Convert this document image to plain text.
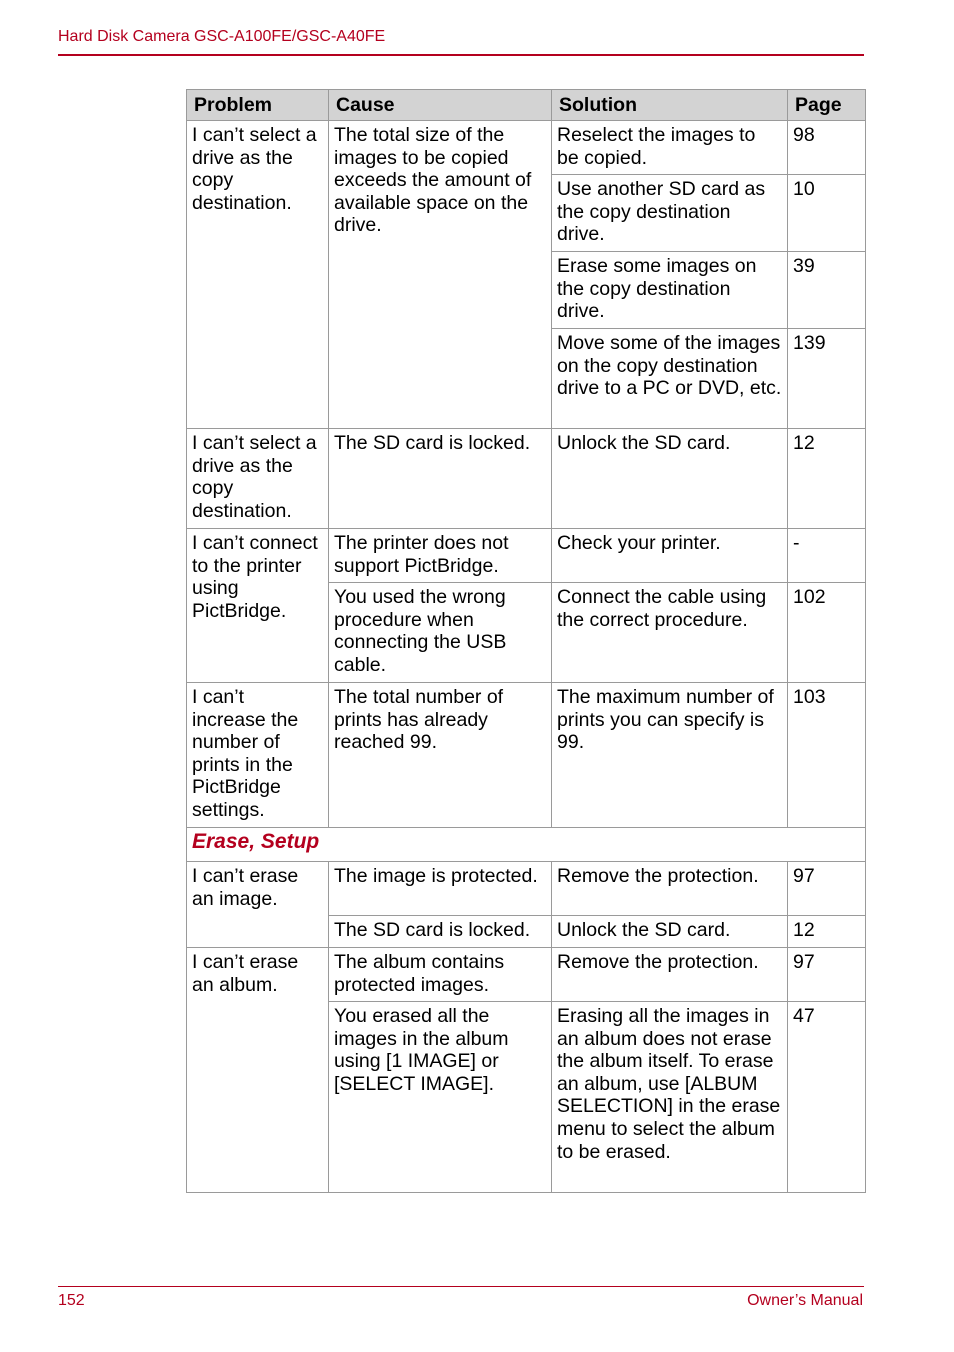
Hard Disk Camera GSC-A100FE/GSC-A40FE
Problem	Cause	Solution	Page
I can’t select a drive as the copy destination.	The total size of the images to be copied exceeds the amount of available space on the drive.	Reselect the images to be copied.	98
		Use another SD card as the copy destination drive.	10
		Erase some images on the copy destination drive.	39
		Move some of the images on the copy destination drive to a PC or DVD, etc.	139
I can’t select a drive as the copy destination.	The SD card is locked.	Unlock the SD card.	12
I can’t connect to the printer using PictBridge.	The printer does not support PictBridge.	Check your printer.	-
	You used the wrong procedure when connecting the USB cable.	Connect the cable using the correct procedure.	102
I can’t increase the number of prints in the PictBridge settings.	The total number of prints has already reached 99.	The maximum number of prints you can specify is 99.	103
Erase, Setup			
I can’t erase an image.	The image is protected.	Remove the protection.	97
	The SD card is locked.	Unlock the SD card.	12
I can’t erase an album.	The album contains protected images.	Remove the protection.	97
	You erased all the images in the album using [1 IMAGE] or [SELECT IMAGE].	Erasing all the images in an album does not erase the album itself. To erase an album, use [ALBUM SELECTION] in the erase menu to select the album to be erased.	47
152	Owner’s Manual
